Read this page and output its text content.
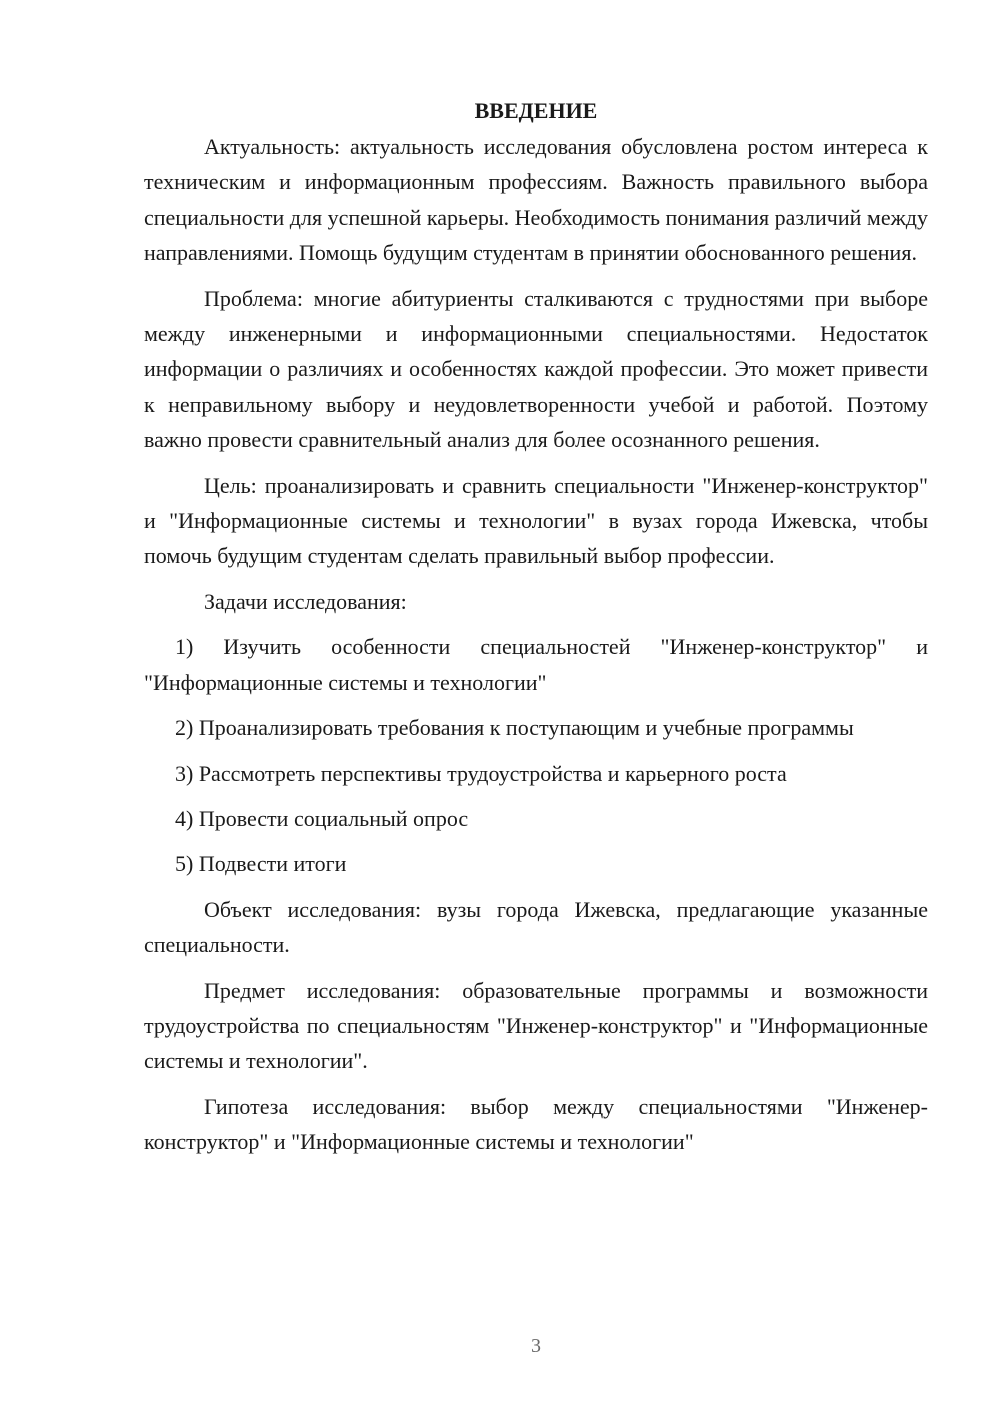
ВВЕДЕНИЕ

Актуальность: актуальность исследования обусловлена ростом интереса к техническим и информационным профессиям. Важность правильного выбора специальности для успешной карьеры. Необходимость понимания различий между направлениями. Помощь будущим студентам в принятии обоснованного решения.

Проблема: многие абитуриенты сталкиваются с трудностями при выборе между инженерными и информационными специальностями. Недостаток информации о различиях и особенностях каждой профессии. Это может привести к неправильному выбору и неудовлетворенности учебой и работой. Поэтому важно провести сравнительный анализ для более осознанного решения.

Цель: проанализировать и сравнить специальности "Инженер-конструктор" и "Информационные системы и технологии" в вузах города Ижевска, чтобы помочь будущим студентам сделать правильный выбор профессии.

Задачи исследования:

1) Изучить особенности специальностей "Инженер-конструктор" и "Информационные системы и технологии"

2) Проанализировать требования к поступающим и учебные программы

3) Рассмотреть перспективы трудоустройства и карьерного роста

4) Провести социальный опрос

5) Подвести итоги

Объект исследования: вузы города Ижевска, предлагающие указанные специальности.

Предмет исследования: образовательные программы и возможности трудоустройства по специальностям "Инженер-конструктор" и "Информационные системы и технологии".

Гипотеза исследования: выбор между специальностями "Инженер-конструктор" и "Информационные системы и технологии"

3
